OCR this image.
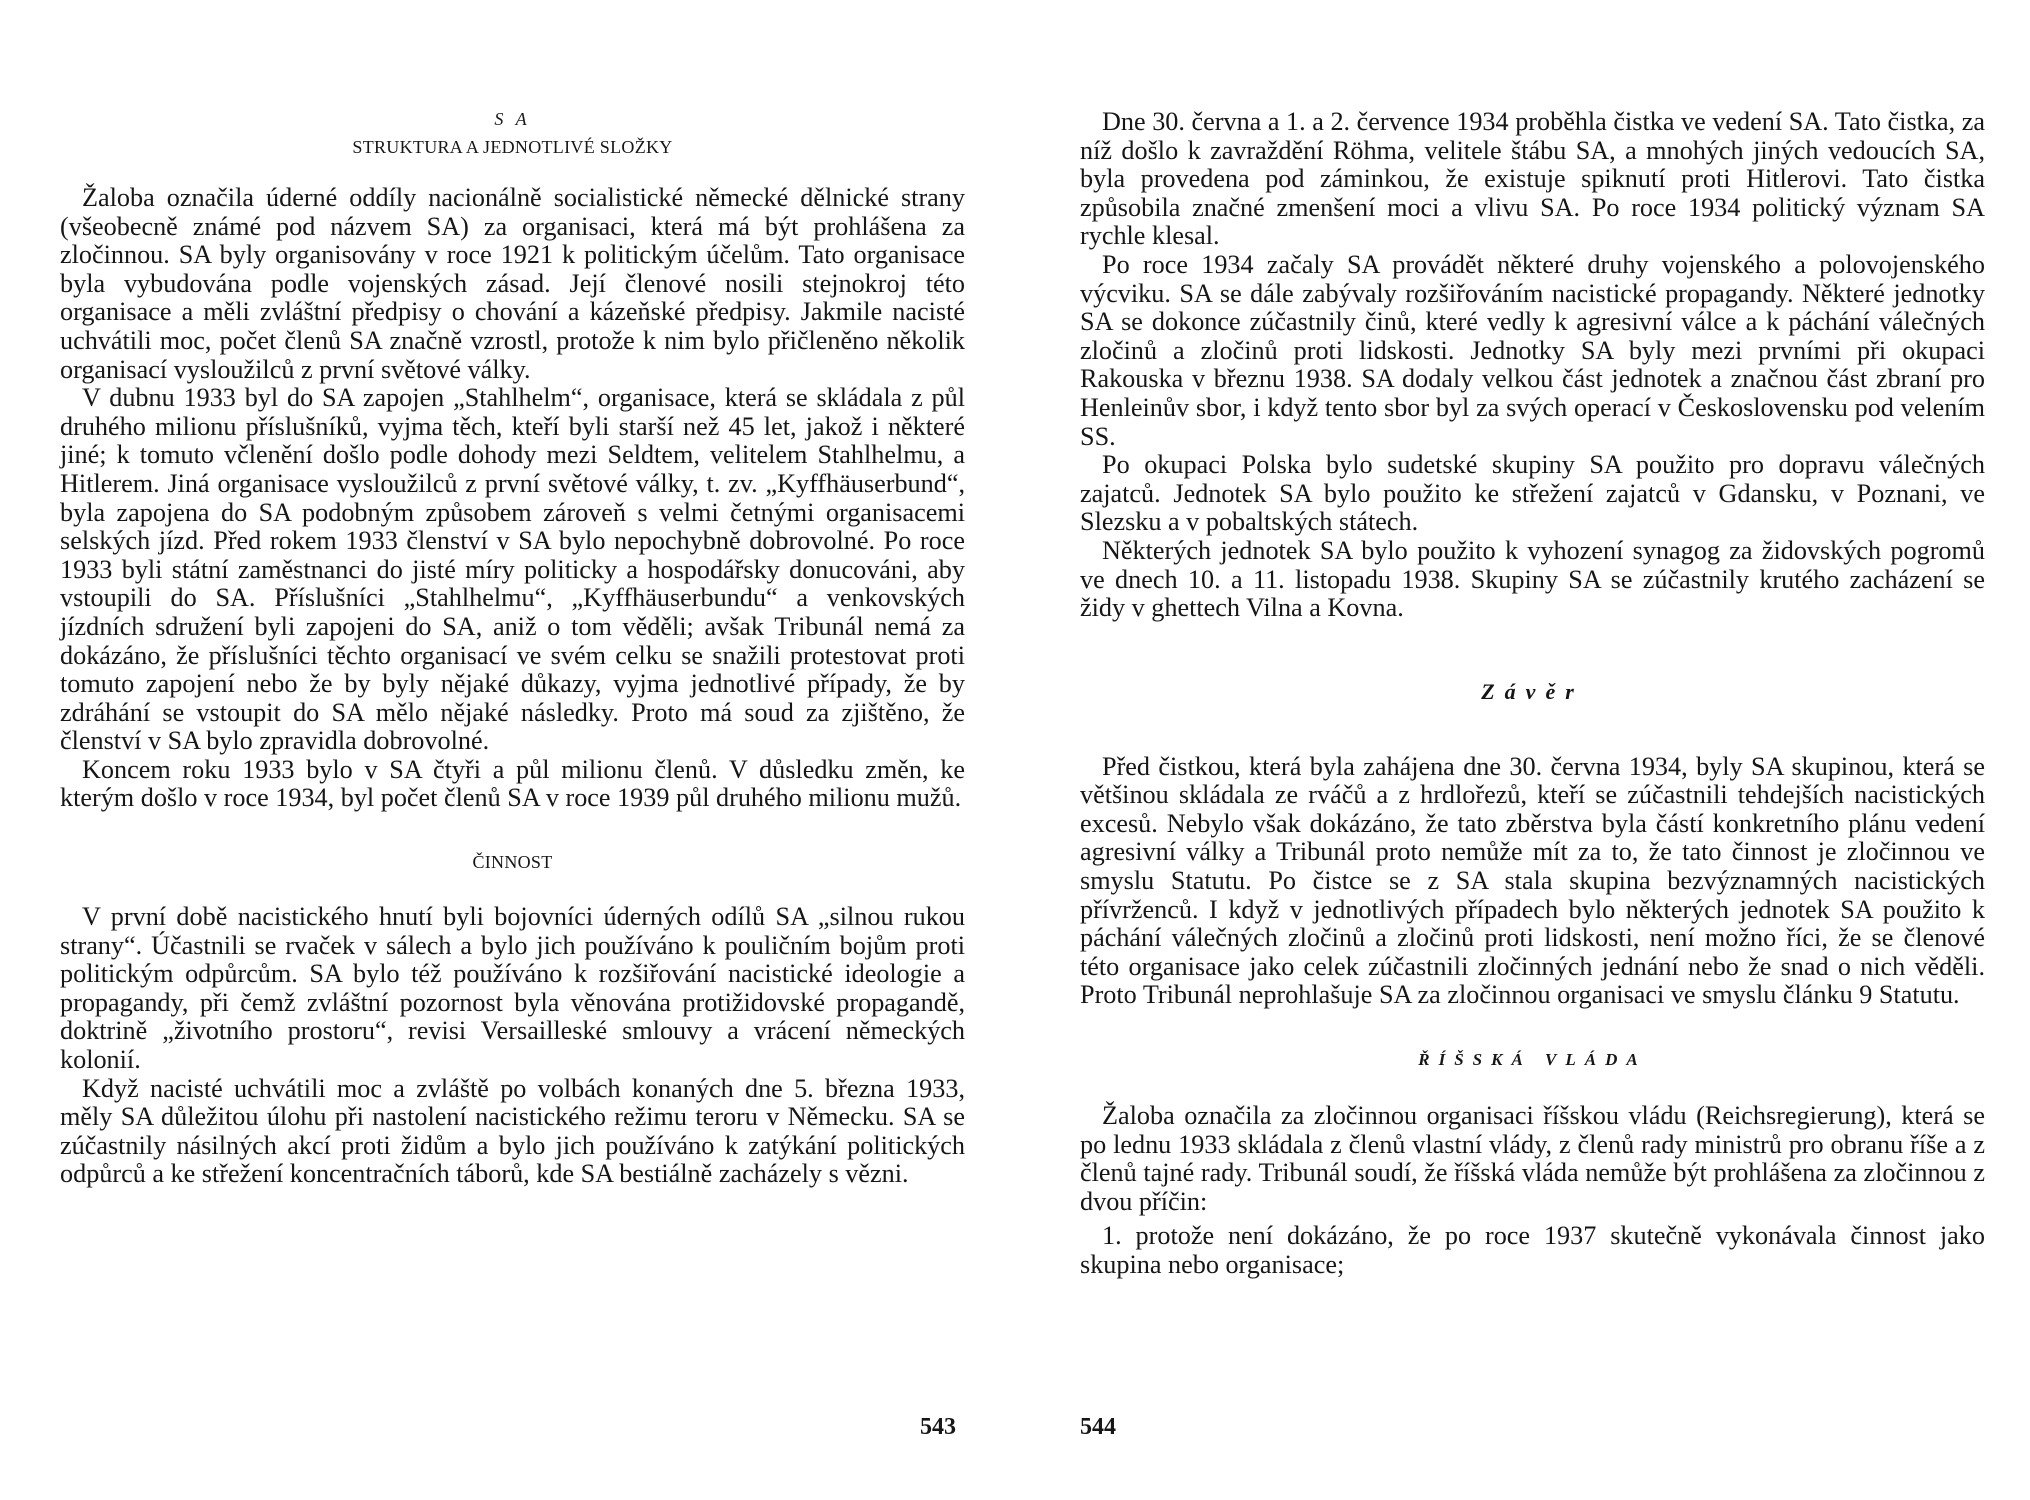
S A
STRUKTURA A JEDNOTLIVÉ SLOŽKY

Žaloba označila úderné oddíly nacionálně socialistické německé dělnické strany (všeobecně známé pod názvem SA) za organisaci, která má být prohlášena za zločinnou. SA byly organisovány v roce 1921 k politickým účelům. Tato organisace byla vybudována podle vojenských zásad. Její členové nosili stejnokroj této organisace a měli zvláštní předpisy o chování a kázeňské předpisy. Jakmile nacisté uchvátili moc, počet členů SA značně vzrostl, protože k nim bylo přičleněno několik organisací vysloužilců z první světové války.

V dubnu 1933 byl do SA zapojen „Stahlhelm“, organisace, která se skládala z půl druhého milionu příslušníků, vyjma těch, kteří byli starší než 45 let, jakož i některé jiné; k tomuto včlenění došlo podle dohody mezi Seldtem, velitelem Stahlhelmu, a Hitlerem. Jiná organisace vysloužilců z první světové války, t. zv. „Kyffhäuserbund“, byla zapojena do SA podobným způsobem zároveň s velmi četnými organisacemi selských jízd. Před rokem 1933 členství v SA bylo nepochybně dobrovolné. Po roce 1933 byli státní zaměstnanci do jisté míry politicky a hospodářsky donucováni, aby vstoupili do SA. Příslušníci „Stahlhelmu“, „Kyffhäuserbundu“ a venkovských jízdních sdružení byli zapojeni do SA, aniž o tom věděli; avšak Tribunál nemá za dokázáno, že příslušníci těchto organisací ve svém celku se snažili protestovat proti tomuto zapojení nebo že by byly nějaké důkazy, vyjma jednotlivé případy, že by zdráhání se vstoupit do SA mělo nějaké následky. Proto má soud za zjištěno, že členství v SA bylo zpravidla dobrovolné.

Koncem roku 1933 bylo v SA čtyři a půl milionu členů. V důsledku změn, ke kterým došlo v roce 1934, byl počet členů SA v roce 1939 půl druhého milionu mužů.

ČINNOST

V první době nacistického hnutí byli bojovníci úderných odílů SA „silnou rukou strany“. Účastnili se rvaček v sálech a bylo jich používáno k pouličním bojům proti politickým odpůrcům. SA bylo též používáno k rozšiřování nacistické ideologie a propagandy, při čemž zvláštní pozornost byla věnována protižidovské propagandě, doktrině „životního prostoru“, revisi Versailleské smlouvy a vrácení německých kolonií.

Když nacisté uchvátili moc a zvláště po volbách konaných dne 5. března 1933, měly SA důležitou úlohu při nastolení nacistického režimu teroru v Německu. SA se zúčastnily násilných akcí proti židům a bylo jich používáno k zatýkání politických odpůrců a ke střežení koncentračních táborů, kde SA bestiálně zacházely s vězni.

543

Dne 30. června a 1. a 2. července 1934 proběhla čistka ve vedení SA. Tato čistka, za níž došlo k zavraždění Röhma, velitele štábu SA, a mnohých jiných vedoucích SA, byla provedena pod záminkou, že existuje spiknutí proti Hitlerovi. Tato čistka způsobila značné zmenšení moci a vlivu SA. Po roce 1934 politický význam SA rychle klesal.

Po roce 1934 začaly SA provádět některé druhy vojenského a polovojenského výcviku. SA se dále zabývaly rozšiřováním nacistické propagandy. Některé jednotky SA se dokonce zúčastnily činů, které vedly k agresivní válce a k páchání válečných zločinů a zločinů proti lidskosti. Jednotky SA byly mezi prvními při okupaci Rakouska v březnu 1938. SA dodaly velkou část jednotek a značnou část zbraní pro Henleinův sbor, i když tento sbor byl za svých operací v Československu pod velením SS.

Po okupaci Polska bylo sudetské skupiny SA použito pro dopravu válečných zajatců. Jednotek SA bylo použito ke střežení zajatců v Gdansku, v Poznani, ve Slezsku a v pobaltských státech.

Některých jednotek SA bylo použito k vyhození synagog za židovských pogromů ve dnech 10. a 11. listopadu 1938. Skupiny SA se zúčastnily krutého zacházení se židy v ghettech Vilna a Kovna.

Závěr

Před čistkou, která byla zahájena dne 30. června 1934, byly SA skupinou, která se většinou skládala ze rváčů a z hrdlořezů, kteří se zúčastnili tehdejších nacistických excesů. Nebylo však dokázáno, že tato zběrstva byla částí konkretního plánu vedení agresivní války a Tribunál proto nemůže mít za to, že tato činnost je zločinnou ve smyslu Statutu. Po čistce se z SA stala skupina bezvýznamných nacistických přívrženců. I když v jednotlivých případech bylo některých jednotek SA použito k páchání válečných zločinů a zločinů proti lidskosti, není možno říci, že se členové této organisace jako celek zúčastnili zločinných jednání nebo že snad o nich věděli. Proto Tribunál neprohlašuje SA za zločinnou organisaci ve smyslu článku 9 Statutu.

ŘÍŠSKÁ VLÁDA

Žaloba označila za zločinnou organisaci říšskou vládu (Reichsregierung), která se po lednu 1933 skládala z členů vlastní vlády, z členů rady ministrů pro obranu říše a z členů tajné rady. Tribunál soudí, že říšská vláda nemůže být prohlášena za zločinnou z dvou příčin:

1. protože není dokázáno, že po roce 1937 skutečně vykonávala činnost jako skupina nebo organisace;

544
